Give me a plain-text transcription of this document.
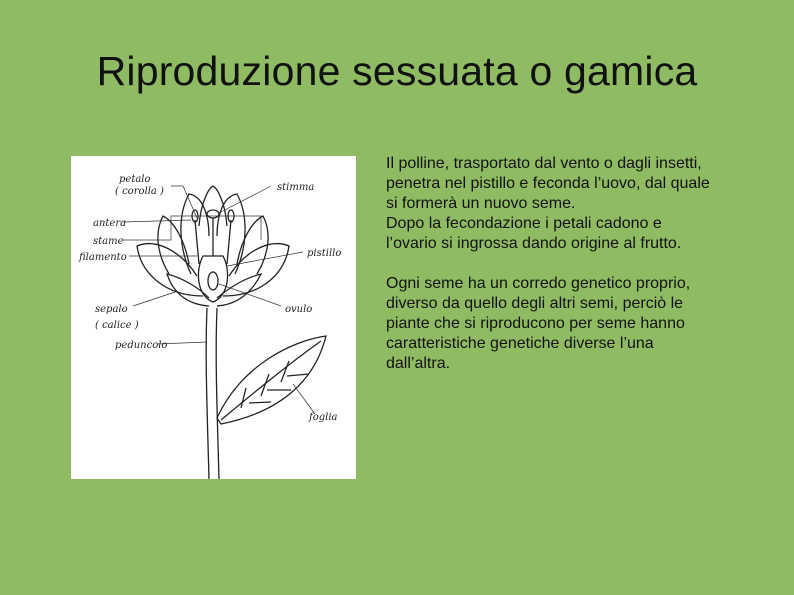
Riproduzione sessuata o gamica
petalo
( corolla )	stimma
antera
stame
filamento	pistillo
sepalo
( calice )
ovulo
peduncolo
foglia

Il polline, trasportato dal vento o dagli insetti, penetra nel pistillo e feconda l’uovo, dal quale si formerà un nuovo seme.
Dopo la fecondazione i petali cadono e l’ovario si ingrossa dando origine al frutto.

Ogni seme ha un corredo genetico proprio, diverso da quello degli altri semi, perciò le piante che si riproducono per seme hanno caratteristiche genetiche diverse l’una dall’altra.
